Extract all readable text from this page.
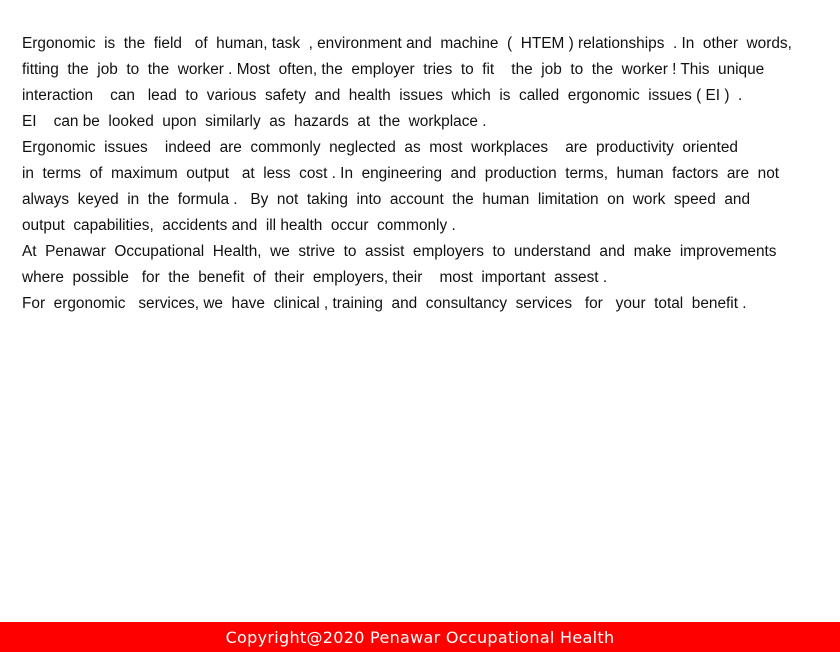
Ergonomic  is  the  field   of  human, task  , environment and  machine  (  HTEM ) relationships  . In  other  words,

fitting  the  job  to  the  worker . Most  often, the  employer  tries  to  fit    the  job  to  the  worker ! This  unique

interaction    can   lead  to  various  safety  and  health  issues  which  is  called  ergonomic  issues ( EI )  .

EI    can be  looked  upon  similarly  as  hazards  at  the  workplace .

Ergonomic  issues    indeed  are  commonly  neglected  as  most  workplaces    are  productivity  oriented

in  terms  of  maximum  output   at  less  cost . In  engineering  and  production  terms,  human  factors  are  not

always  keyed  in  the  formula .   By  not  taking  into  account  the  human  limitation  on  work  speed  and

output  capabilities,  accidents and  ill health  occur  commonly .

At  Penawar  Occupational  Health,  we  strive  to  assist  employers  to  understand  and  make  improvements

where  possible   for  the  benefit  of  their  employers, their    most  important  assest .

For  ergonomic   services, we  have  clinical , training  and  consultancy  services   for   your  total  benefit .

Copyright@2020 Penawar Occupational Health
